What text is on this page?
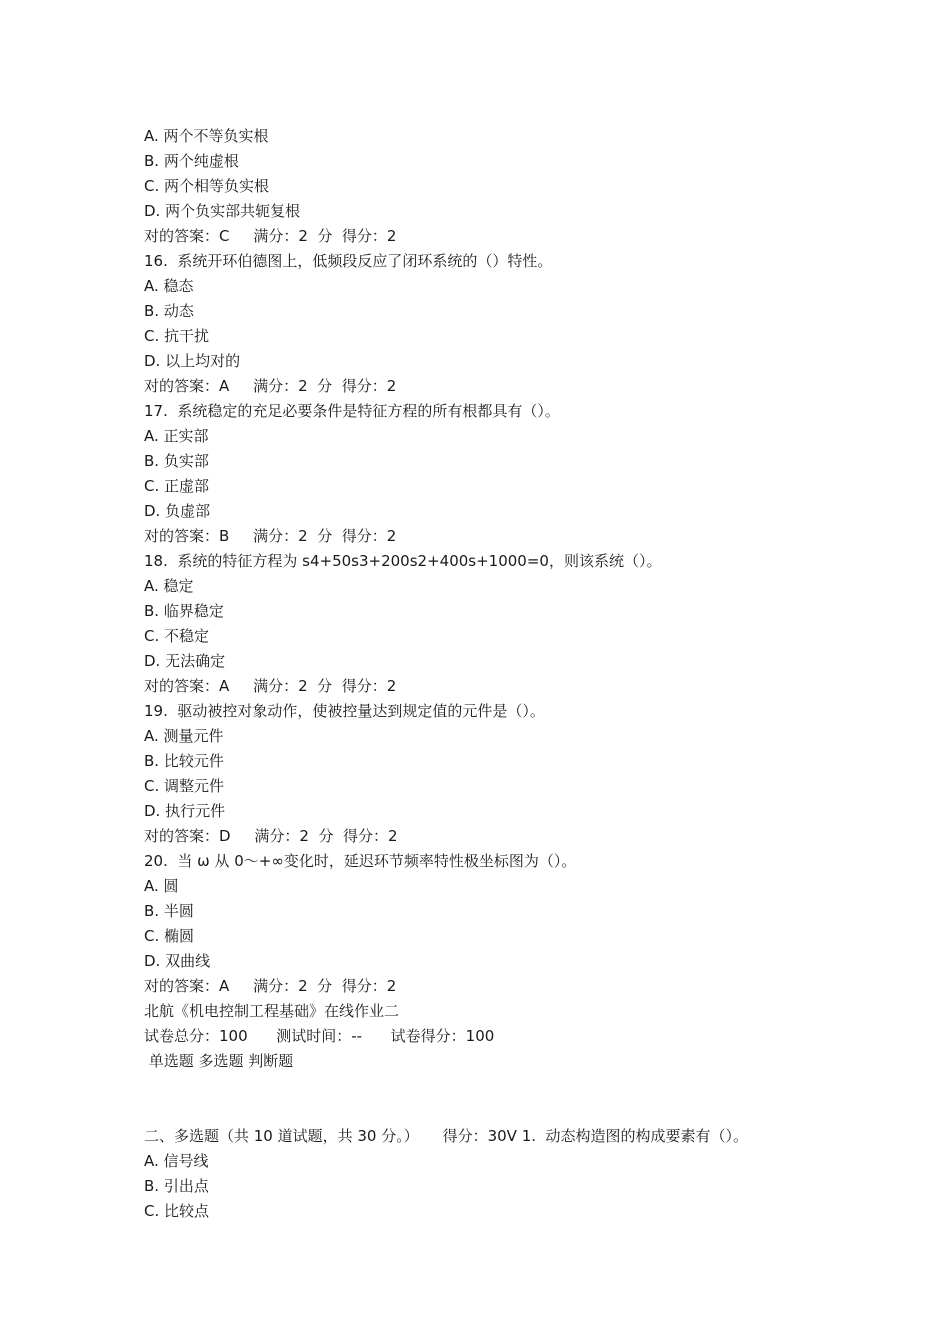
A. 两个不等负实根
B. 两个纯虚根
C. 两个相等负实根
D. 两个负实部共轭复根
对的答案：C     满分：2  分  得分：2
16.  系统开环伯德图上，低频段反应了闭环系统的（）特性。
A. 稳态
B. 动态
C. 抗干扰
D. 以上均对的
对的答案：A     满分：2  分  得分：2
17.  系统稳定的充足必要条件是特征方程的所有根都具有（）。
A. 正实部
B. 负实部
C. 正虚部
D. 负虚部
对的答案：B     满分：2  分  得分：2
18.  系统的特征方程为 s4+50s3+200s2+400s+1000=0，则该系统（）。
A. 稳定
B. 临界稳定
C. 不稳定
D. 无法确定
对的答案：A     满分：2  分  得分：2
19.  驱动被控对象动作，使被控量达到规定值的元件是（）。
A. 测量元件
B. 比较元件
C. 调整元件
D. 执行元件
对的答案：D     满分：2  分  得分：2
20.  当 ω 从 0～+∞变化时，延迟环节频率特性极坐标图为（）。
A. 圆
B. 半圆
C. 椭圆
D. 双曲线
对的答案：A     满分：2  分  得分：2
北航《机电控制工程基础》在线作业二
试卷总分：100      测试时间：--      试卷得分：100
单选题 多选题 判断题
二、多选题（共 10 道试题，共 30 分。）     得分：30V 1.  动态构造图的构成要素有（）。
A. 信号线
B. 引出点
C. 比较点
